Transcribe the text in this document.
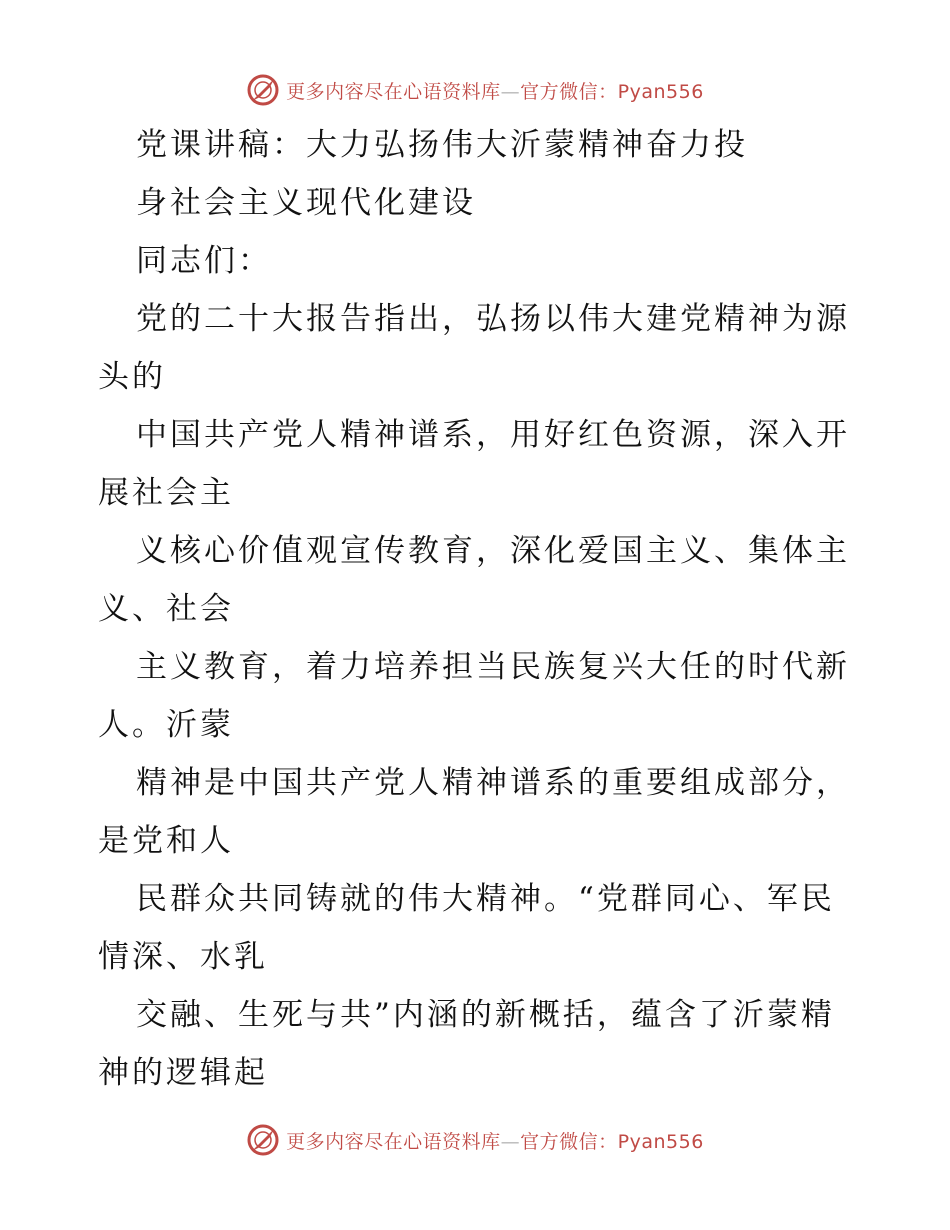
更多内容尽在心语资料库—官方微信：Pyan556
党课讲稿：大力弘扬伟大沂蒙精神奋力投
身社会主义现代化建设
同志们：
党的二十大报告指出，弘扬以伟大建党精神为源
头的
中国共产党人精神谱系，用好红色资源，深入开
展社会主
义核心价值观宣传教育，深化爱国主义、集体主
义、社会
主义教育，着力培养担当民族复兴大任的时代新
人。沂蒙
精神是中国共产党人精神谱系的重要组成部分，
是党和人
民群众共同铸就的伟大精神。“党群同心、军民
情深、水乳
交融、生死与共”内涵的新概括，蕴含了沂蒙精
神的逻辑起
更多内容尽在心语资料库—官方微信：Pyan556
